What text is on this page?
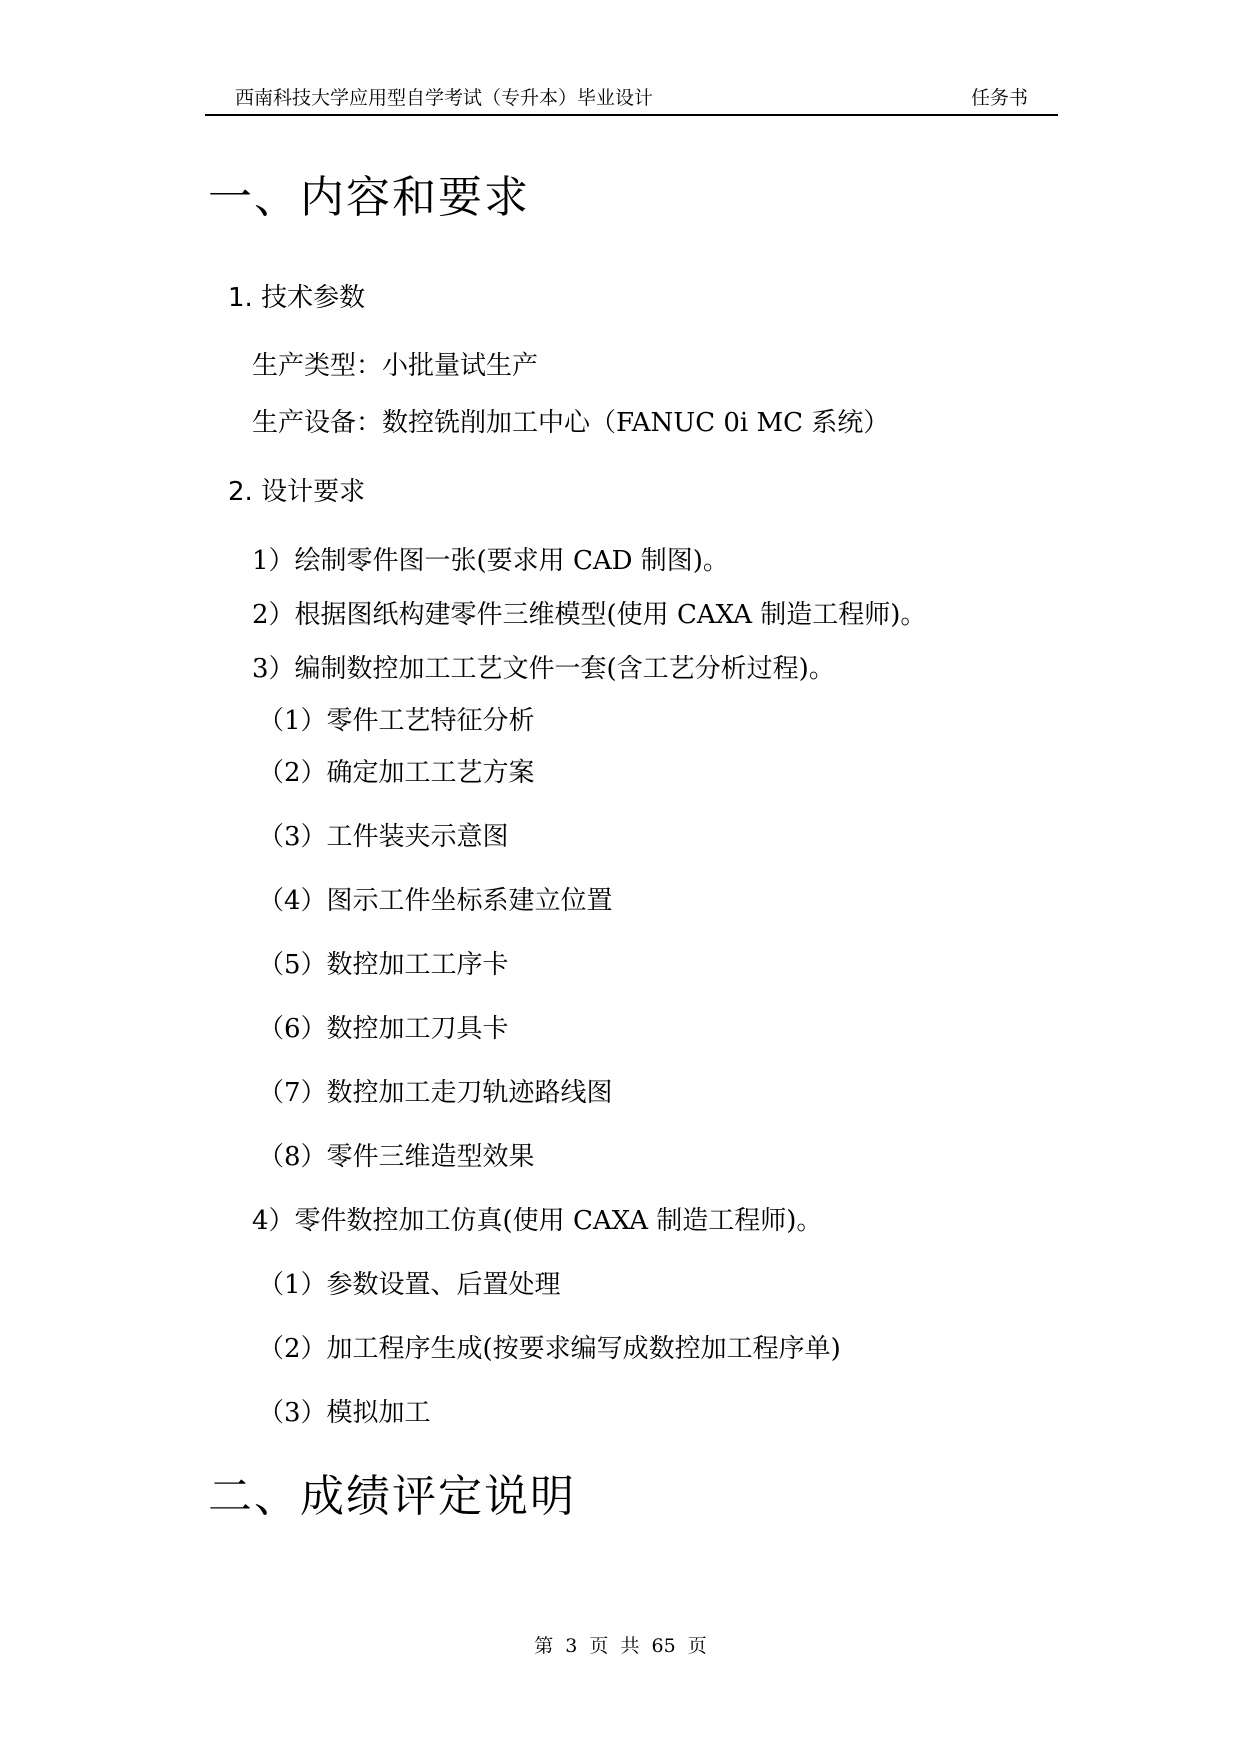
西南科技大学应用型自学考试（专升本）毕业设计	任务书
一、内容和要求
1. 技术参数
生产类型：小批量试生产
生产设备：数控铣削加工中心（FANUC 0i MC 系统）
2. 设计要求
1）绘制零件图一张(要求用 CAD 制图)。
2）根据图纸构建零件三维模型(使用 CAXA 制造工程师)。
3）编制数控加工工艺文件一套(含工艺分析过程)。
（1）零件工艺特征分析
（2）确定加工工艺方案
（3）工件装夹示意图
（4）图示工件坐标系建立位置
（5）数控加工工序卡
（6）数控加工刀具卡
（7）数控加工走刀轨迹路线图
（8）零件三维造型效果
4）零件数控加工仿真(使用 CAXA 制造工程师)。
（1）参数设置、后置处理
（2）加工程序生成(按要求编写成数控加工程序单)
（3）模拟加工
二、成绩评定说明
第 3 页 共 65 页
